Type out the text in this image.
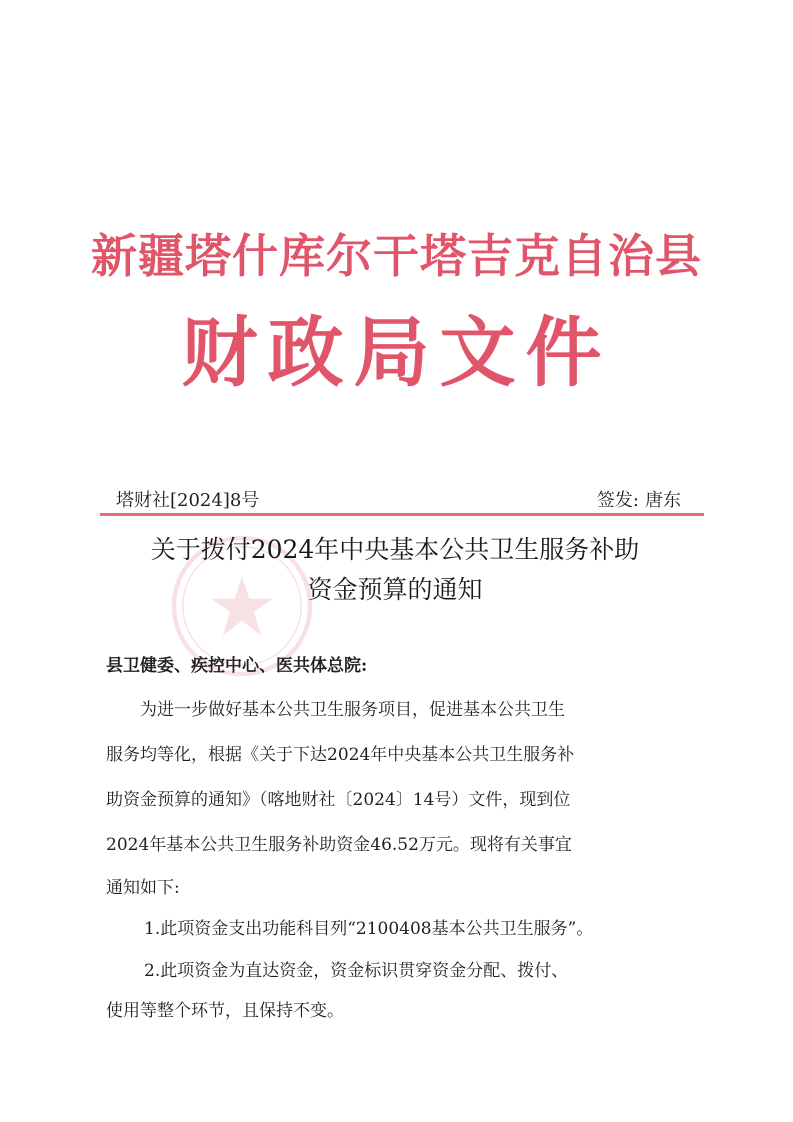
新疆塔什库尔干塔吉克自治县
财政局文件
塔财社[2024]8号	签发: 唐东
关于拨付2024年中央基本公共卫生服务补助
资金预算的通知
县卫健委、疾控中心、医共体总院:
为进一步做好基本公共卫生服务项目，促进基本公共卫生
服务均等化，根据《关于下达2024年中央基本公共卫生服务补
助资金预算的通知》（喀地财社〔2024〕14号）文件，现到位
2024年基本公共卫生服务补助资金46.52万元。现将有关事宜
通知如下:
1.此项资金支出功能科目列“2100408基本公共卫生服务”。
2.此项资金为直达资金，资金标识贯穿资金分配、拨付、
使用等整个环节，且保持不变。
